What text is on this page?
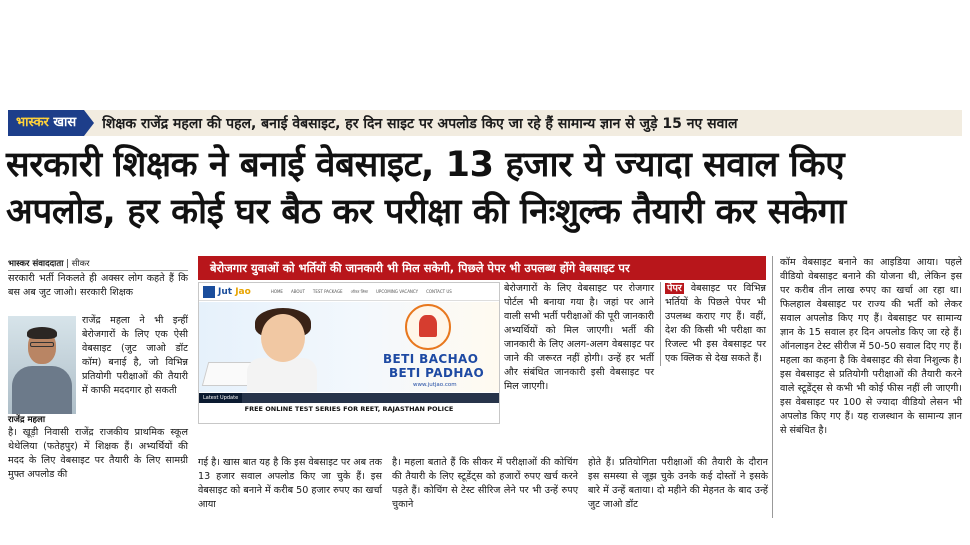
भास्कर खास	शिक्षक राजेंद्र महला की पहल, बनाई वेबसाइट, हर दिन साइट पर अपलोड किए जा रहे हैं सामान्य ज्ञान से जुड़े 15 नए सवाल
सरकारी शिक्षक ने बनाई वेबसाइट, 13 हजार ये ज्यादा सवाल किए
अपलोड, हर कोई घर बैठ कर परीक्षा की निःशुल्क तैयारी कर सकेगा
भास्कर संवाददाता | सीकर
सरकारी भर्ती निकलते ही अक्सर लोग कहते हैं कि बस अब जुट जाओ। सरकारी शिक्षक
राजेंद्र महला
राजेंद्र महला ने भी इन्हीं बेरोजगारों के लिए एक ऐसी वेबसाइट (जुट जाओ डॉट कॉम) बनाई है, जो विभिन्न प्रतियोगी परीक्षाओं की तैयारी में काफी मददगार हो सकती
है। खूड़ी निवासी राजेंद्र राजकीय प्राथमिक स्कूल थेथेलिया (फतेहपुर) में शिक्षक हैं। अभ्यर्थियों की मदद के लिए वेबसाइट पर तैयारी के लिए सामग्री मुफ्त अपलोड की
बेरोजगार युवाओं को भर्तियों की जानकारी भी मिल सकेगी, पिछले पेपर भी उपलब्ध होंगे वेबसाइट पर
Jut Jao	HOME ABOUT TEST PACKAGE ऑफर लिस्ट UPCOMING VACANCY CONTACT US
BETI BACHAO
BETI PADHAO
www.jutjao.com
Latest Update
FREE ONLINE TEST SERIES FOR REET, RAJASTHAN POLICE
बेरोजगारों के लिए वेबसाइट पर रोजगार पोर्टल भी बनाया गया है। जहां पर आने वाली सभी भर्ती परीक्षाओं की पूरी जानकारी अभ्यर्थियों को मिल जाएगी। भर्ती की जानकारी के लिए अलग-अलग वेबसाइट पर जाने की जरूरत नहीं होगी। उन्हें हर भर्ती और संबंधित जानकारी इसी वेबसाइट पर मिल जाएगी।
पेपर वेबसाइट पर विभिन्न भर्तियों के पिछले पेपर भी उपलब्ध कराए गए हैं। वहीं, देश की किसी भी परीक्षा का रिजल्ट भी इस वेबसाइट पर एक क्लिक से देख सकते हैं।
गई है। खास बात यह है कि इस वेबसाइट पर अब तक 13 हजार सवाल अपलोड किए जा चुके हैं। इस वेबसाइट को बनाने में करीब 50 हजार रुपए का खर्चा आया
है। महला बताते हैं कि सीकर में परीक्षाओं की कोचिंग की तैयारी के लिए स्टूडेंट्स को हजारों रुपए खर्च करने पड़ते हैं। कोचिंग से टेस्ट सीरिज लेने पर भी उन्हें रुपए चुकाने
होते हैं। प्रतियोगिता परीक्षाओं की तैयारी के दौरान इस समस्या से जूझ चुके उनके कई दोस्तों ने इसके बारे में उन्हें बताया। दो महीने की मेहनत के बाद उन्हें जुट जाओ डॉट
कॉम वेबसाइट बनाने का आइडिया आया। पहले वीडियो वेबसाइट बनाने की योजना थी, लेकिन इस पर करीब तीन लाख रुपए का खर्चा आ रहा था। फिलहाल वेबसाइट पर राज्य की भर्ती को लेकर सवाल अपलोड किए गए हैं। वेबसाइट पर सामान्य ज्ञान के 15 सवाल हर दिन अपलोड किए जा रहे हैं। ऑनलाइन टेस्ट सीरीज में 50-50 सवाल दिए गए हैं। महला का कहना है कि वेबसाइट की सेवा निशुल्क है। इस वेबसाइट से प्रतियोगी परीक्षाओं की तैयारी करने वाले स्टूडेंट्स से कभी भी कोई फीस नहीं ली जाएगी। इस वेबसाइट पर 100 से ज्यादा वीडियो लेसन भी अपलोड किए गए हैं। यह राजस्थान के सामान्य ज्ञान से संबंधित है।
